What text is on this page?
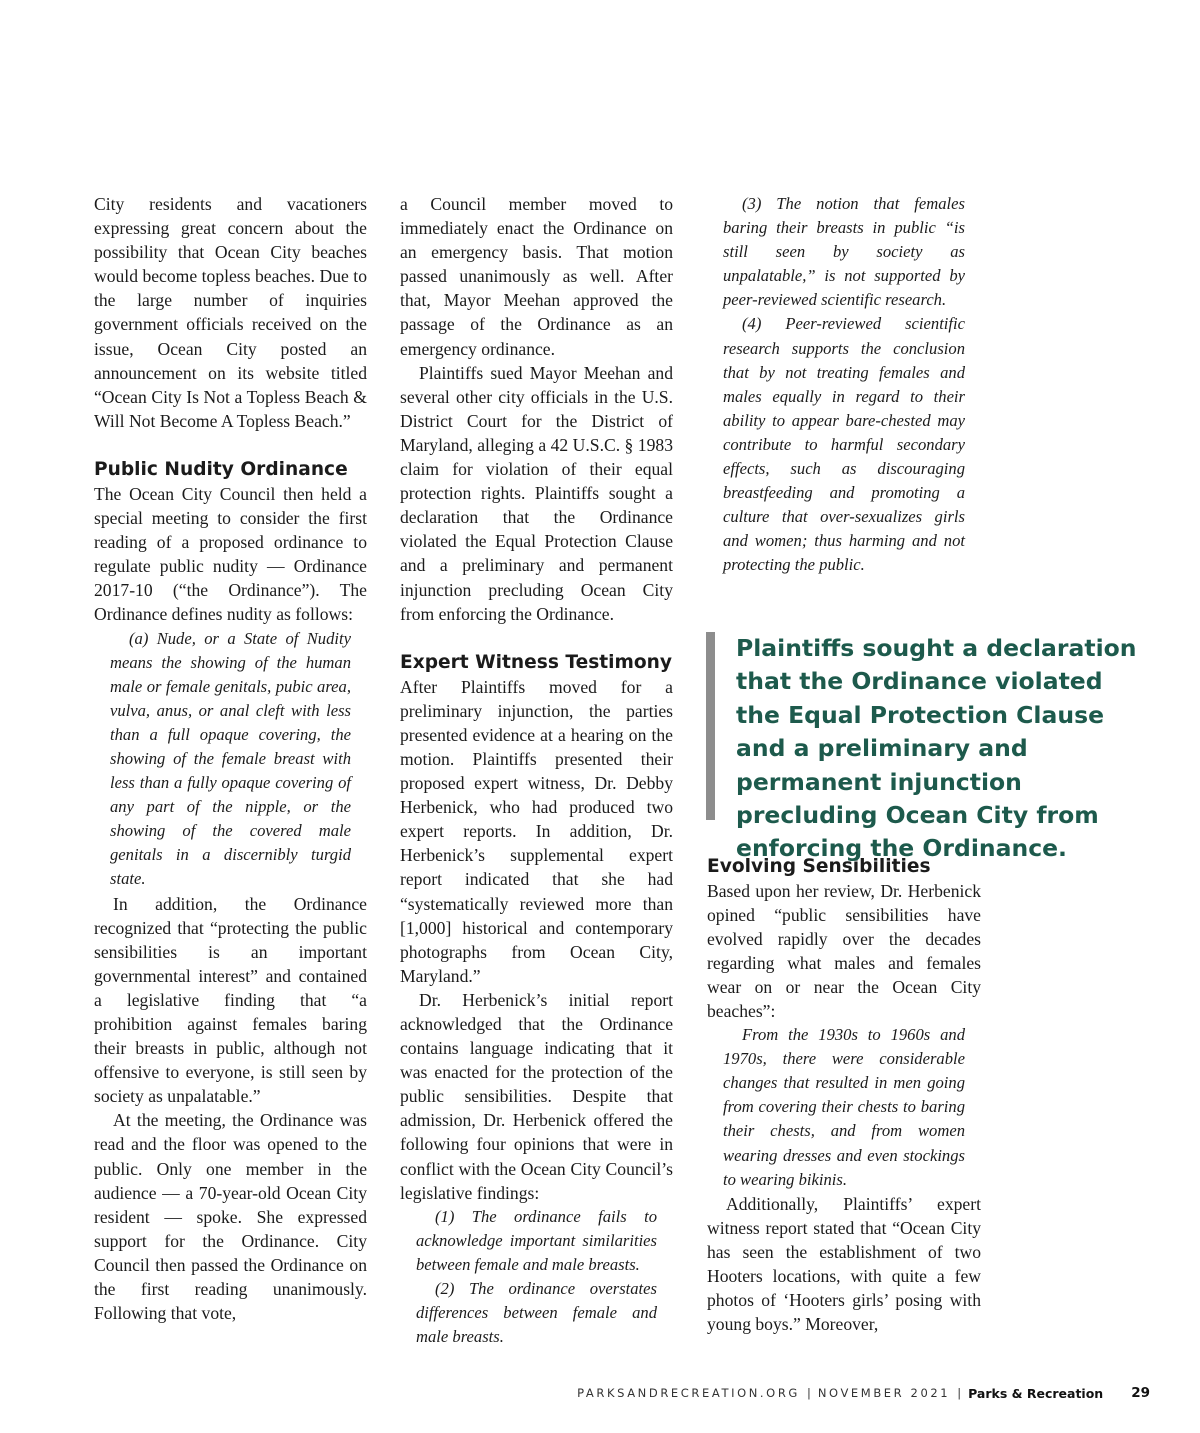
City residents and vacationers expressing great concern about the possibility that Ocean City beaches would become topless beaches. Due to the large number of inquiries government officials received on the issue, Ocean City posted an announcement on its website titled “Ocean City Is Not a Topless Beach & Will Not Become A Topless Beach.”

Public Nudity Ordinance

The Ocean City Council then held a special meeting to consider the first reading of a proposed ordinance to regulate public nudity — Ordinance 2017-10 (“the Ordinance”). The Ordinance defines nudity as follows:

(a) Nude, or a State of Nudity means the showing of the human male or female genitals, pubic area, vulva, anus, or anal cleft with less than a full opaque covering, the showing of the female breast with less than a fully opaque covering of any part of the nipple, or the showing of the covered male genitals in a discernibly turgid state.

In addition, the Ordinance recognized that “protecting the public sensibilities is an important governmental interest” and contained a legislative finding that “a prohibition against females baring their breasts in public, although not offensive to everyone, is still seen by society as unpalatable.”

At the meeting, the Ordinance was read and the floor was opened to the public. Only one member in the audience — a 70-year-old Ocean City resident — spoke. She expressed support for the Ordinance. City Council then passed the Ordinance on the first reading unanimously. Following that vote,

a Council member moved to immediately enact the Ordinance on an emergency basis. That motion passed unanimously as well. After that, Mayor Meehan approved the passage of the Ordinance as an emergency ordinance.

Plaintiffs sued Mayor Meehan and several other city officials in the U.S. District Court for the District of Maryland, alleging a 42 U.S.C. § 1983 claim for violation of their equal protection rights. Plaintiffs sought a declaration that the Ordinance violated the Equal Protection Clause and a preliminary and permanent injunction precluding Ocean City from enforcing the Ordinance.

Expert Witness Testimony

After Plaintiffs moved for a preliminary injunction, the parties presented evidence at a hearing on the motion. Plaintiffs presented their proposed expert witness, Dr. Debby Herbenick, who had produced two expert reports. In addition, Dr. Herbenick’s supplemental expert report indicated that she had “systematically reviewed more than [1,000] historical and contemporary photographs from Ocean City, Maryland.”

Dr. Herbenick’s initial report acknowledged that the Ordinance contains language indicating that it was enacted for the protection of the public sensibilities. Despite that admission, Dr. Herbenick offered the following four opinions that were in conflict with the Ocean City Council’s legislative findings:

(1) The ordinance fails to acknowledge important similarities between female and male breasts.

(2) The ordinance overstates differences between female and male breasts.

(3) The notion that females baring their breasts in public “is still seen by society as unpalatable,” is not supported by peer-reviewed scientific research.

(4) Peer-reviewed scientific research supports the conclusion that by not treating females and males equally in regard to their ability to appear bare-chested may contribute to harmful secondary effects, such as discouraging breastfeeding and promoting a culture that over-sexualizes girls and women; thus harming and not protecting the public.

Evolving Sensibilities

Based upon her review, Dr. Herbenick opined “public sensibilities have evolved rapidly over the decades regarding what males and females wear on or near the Ocean City beaches”:

From the 1930s to 1960s and 1970s, there were considerable changes that resulted in men going from covering their chests to baring their chests, and from women wearing dresses and even stockings to wearing bikinis.

Additionally, Plaintiffs’ expert witness report stated that “Ocean City has seen the establishment of two Hooters locations, with quite a few photos of ‘Hooters girls’ posing with young boys.” Moreover,

Plaintiffs sought a declaration that the Ordinance violated the Equal Protection Clause and a preliminary and permanent injunction precluding Ocean City from enforcing the Ordinance.

PARKSANDRECREATION.ORG | NOVEMBER 2021 | Parks & Recreation 29
